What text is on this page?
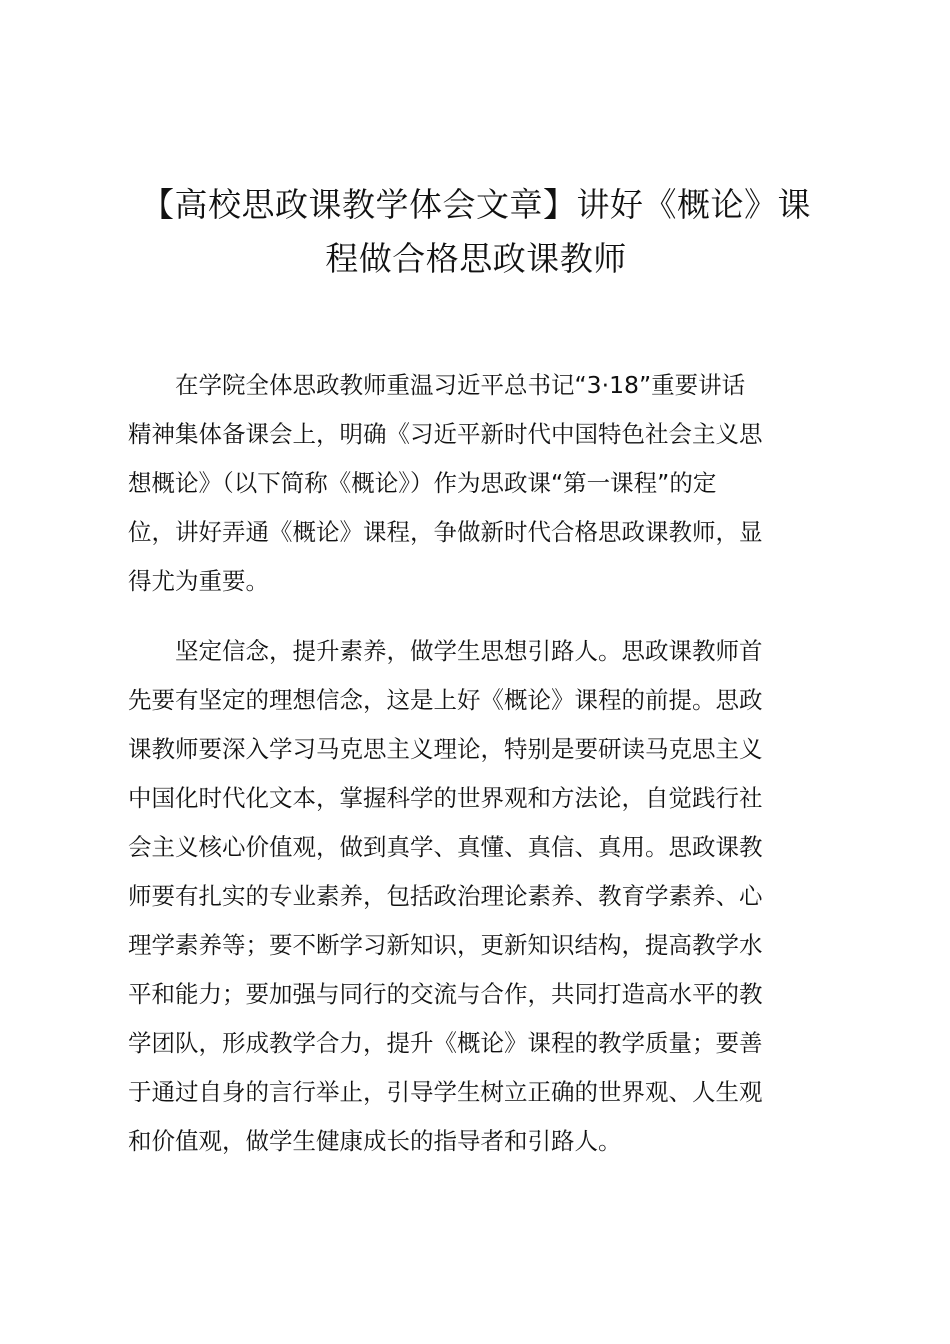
【高校思政课教学体会文章】讲好《概论》课
程做合格思政课教师

在学院全体思政教师重温习近平总书记“3·18”重要讲话
精神集体备课会上，明确《习近平新时代中国特色社会主义思
想概论》（以下简称《概论》）作为思政课“第一课程”的定
位，讲好弄通《概论》课程，争做新时代合格思政课教师，显
得尤为重要。

坚定信念，提升素养，做学生思想引路人。思政课教师首
先要有坚定的理想信念，这是上好《概论》课程的前提。思政
课教师要深入学习马克思主义理论，特别是要研读马克思主义
中国化时代化文本，掌握科学的世界观和方法论，自觉践行社
会主义核心价值观，做到真学、真懂、真信、真用。思政课教
师要有扎实的专业素养，包括政治理论素养、教育学素养、心
理学素养等；要不断学习新知识，更新知识结构，提高教学水
平和能力；要加强与同行的交流与合作，共同打造高水平的教
学团队，形成教学合力，提升《概论》课程的教学质量；要善
于通过自身的言行举止，引导学生树立正确的世界观、人生观
和价值观，做学生健康成长的指导者和引路人。
